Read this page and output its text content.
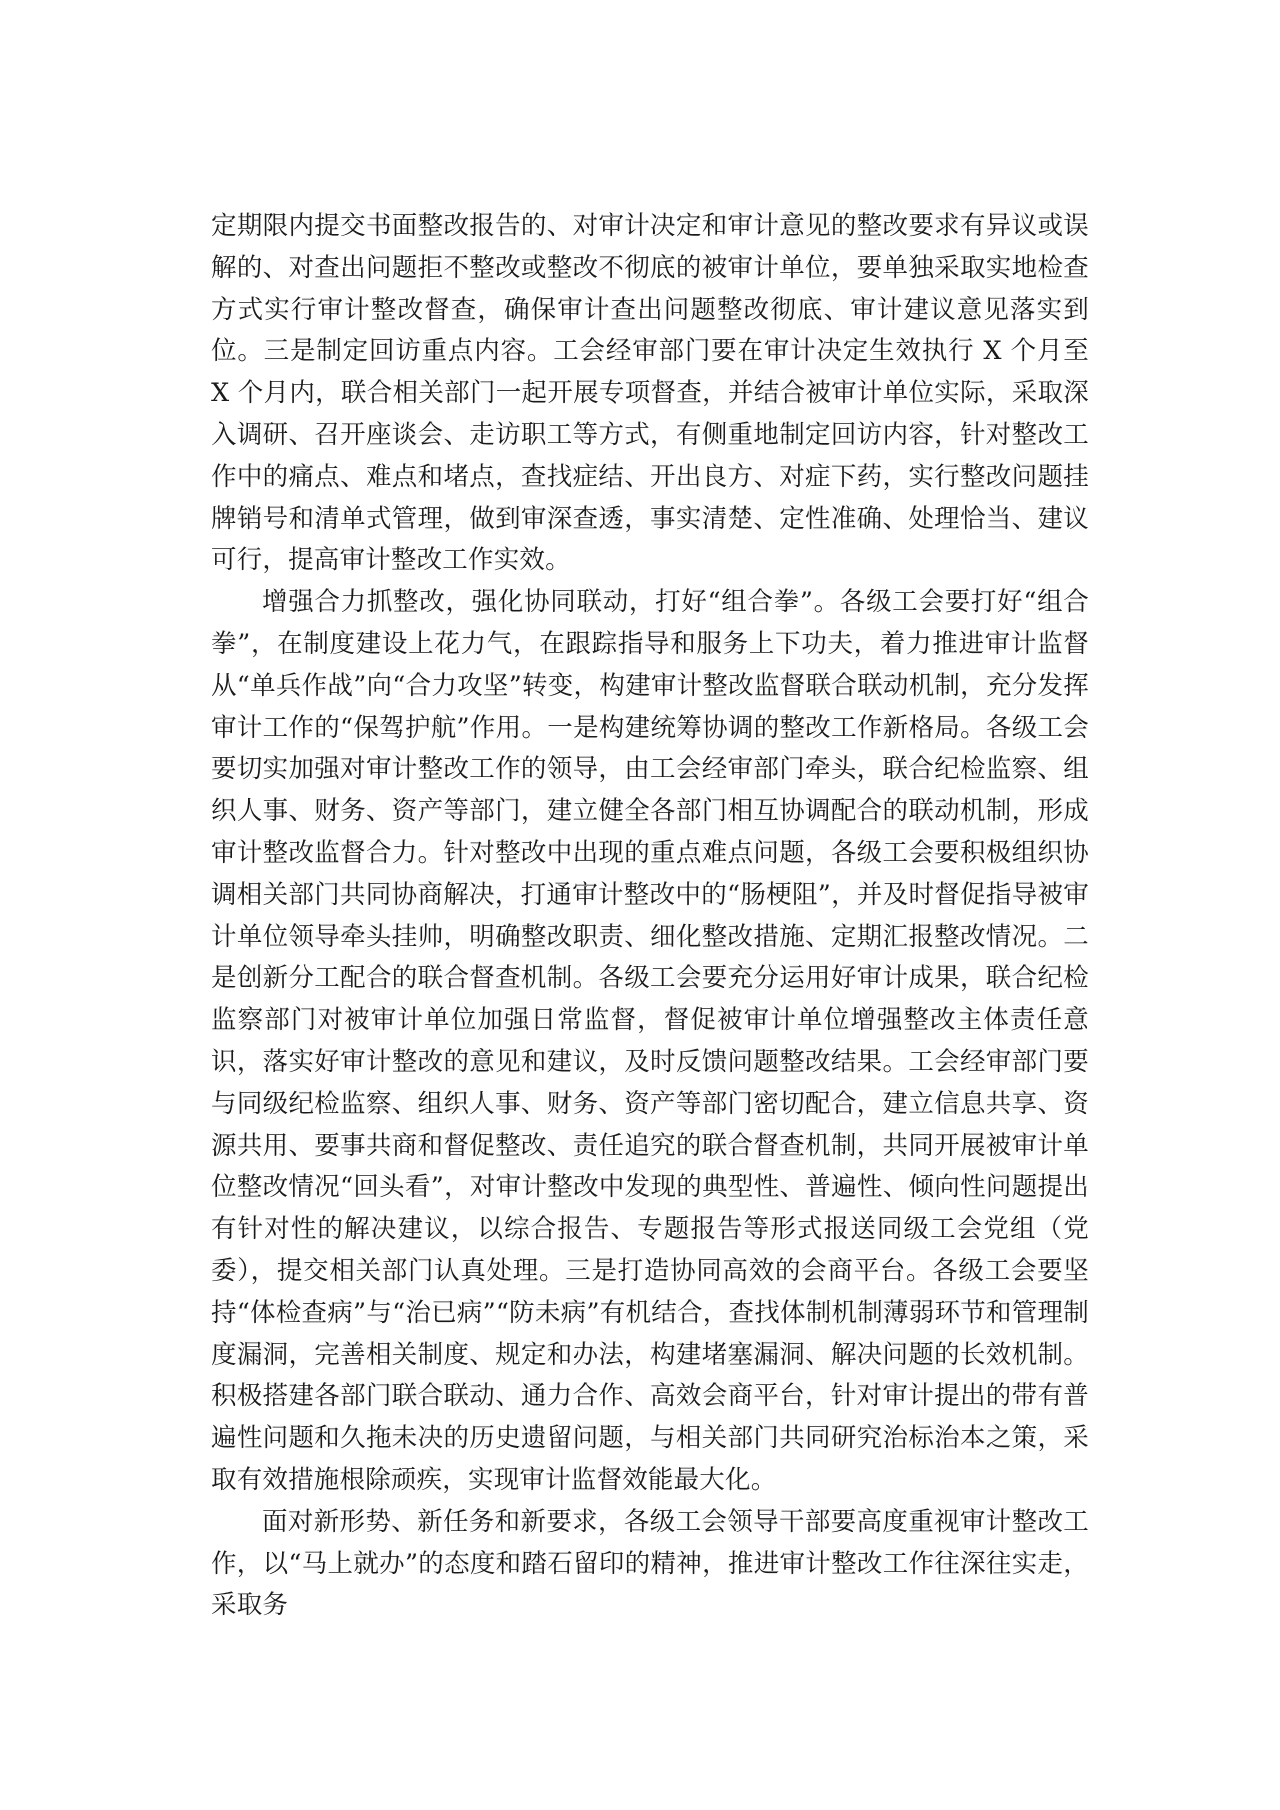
定期限内提交书面整改报告的、对审计决定和审计意见的整改要求有异议或误解的、对查出问题拒不整改或整改不彻底的被审计单位，要单独采取实地检查方式实行审计整改督查，确保审计查出问题整改彻底、审计建议意见落实到位。三是制定回访重点内容。工会经审部门要在审计决定生效执行 X 个月至 X 个月内，联合相关部门一起开展专项督查，并结合被审计单位实际，采取深入调研、召开座谈会、走访职工等方式，有侧重地制定回访内容，针对整改工作中的痛点、难点和堵点，查找症结、开出良方、对症下药，实行整改问题挂牌销号和清单式管理，做到审深查透，事实清楚、定性准确、处理恰当、建议可行，提高审计整改工作实效。

增强合力抓整改，强化协同联动，打好“组合拳”。各级工会要打好“组合拳”，在制度建设上花力气，在跟踪指导和服务上下功夫，着力推进审计监督从“单兵作战”向“合力攻坚”转变，构建审计整改监督联合联动机制，充分发挥审计工作的“保驾护航”作用。一是构建统筹协调的整改工作新格局。各级工会要切实加强对审计整改工作的领导，由工会经审部门牵头，联合纪检监察、组织人事、财务、资产等部门，建立健全各部门相互协调配合的联动机制，形成审计整改监督合力。针对整改中出现的重点难点问题，各级工会要积极组织协调相关部门共同协商解决，打通审计整改中的“肠梗阻”，并及时督促指导被审计单位领导牵头挂帅，明确整改职责、细化整改措施、定期汇报整改情况。二是创新分工配合的联合督查机制。各级工会要充分运用好审计成果，联合纪检监察部门对被审计单位加强日常监督，督促被审计单位增强整改主体责任意识，落实好审计整改的意见和建议，及时反馈问题整改结果。工会经审部门要与同级纪检监察、组织人事、财务、资产等部门密切配合，建立信息共享、资源共用、要事共商和督促整改、责任追究的联合督查机制，共同开展被审计单位整改情况“回头看”，对审计整改中发现的典型性、普遍性、倾向性问题提出有针对性的解决建议，以综合报告、专题报告等形式报送同级工会党组（党委），提交相关部门认真处理。三是打造协同高效的会商平台。各级工会要坚持“体检查病”与“治已病”“防未病”有机结合，查找体制机制薄弱环节和管理制度漏洞，完善相关制度、规定和办法，构建堵塞漏洞、解决问题的长效机制。积极搭建各部门联合联动、通力合作、高效会商平台，针对审计提出的带有普遍性问题和久拖未决的历史遗留问题，与相关部门共同研究治标治本之策，采取有效措施根除顽疾，实现审计监督效能最大化。

面对新形势、新任务和新要求，各级工会领导干部要高度重视审计整改工作，以“马上就办”的态度和踏石留印的精神，推进审计整改工作往深往实走，采取务
